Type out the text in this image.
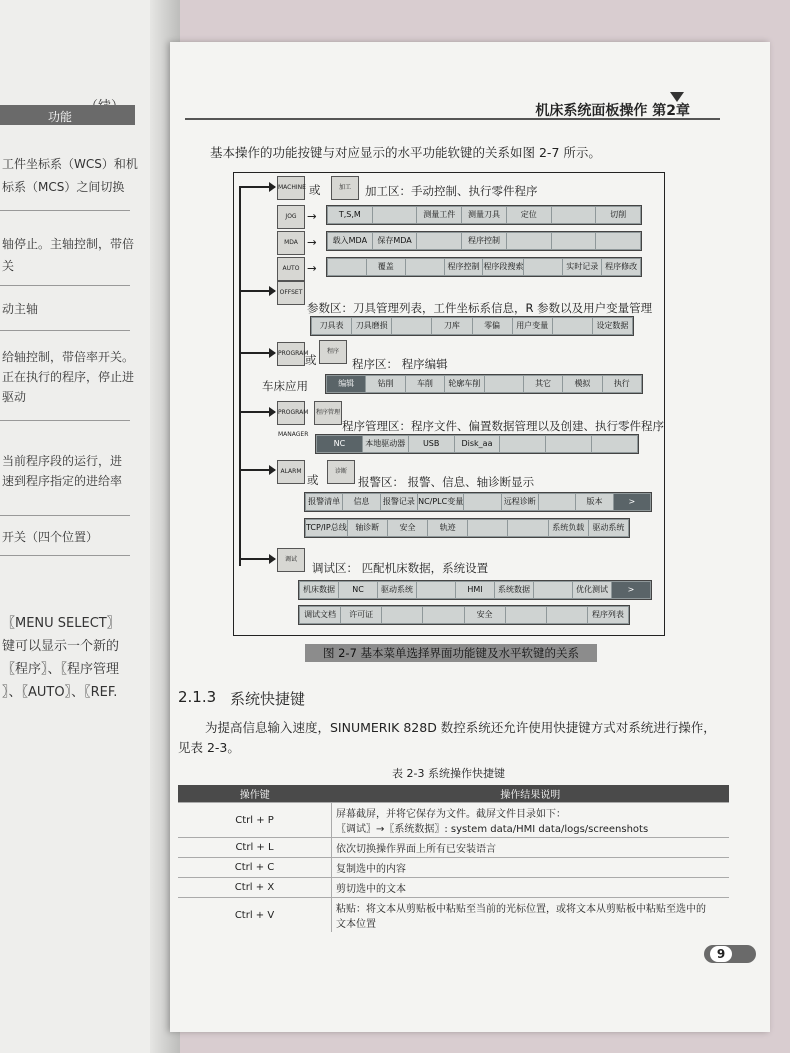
功能
工件坐标系（WCS）和机
标系（MCS）之间切换
轴停止。主轴控制，带倍
关
动主轴
给轴控制，带倍率开关。
正在执行的程序，停止进
驱动
当前程序段的运行，进
速到程序指定的进给率
开关（四个位置）
〖MENU SELECT〗
键可以显示一个新的
〖程序〗、〖程序管理
〗、〖AUTO〗、〖REF.
机床系统面板操作 第2章
基本操作的功能按键与对应显示的水平功能软键的关系如图 2-7 所示。
MACHINE 或	加工	加工区：手动控制、执行零件程序
JOG
MDA
AUTO
→
→
→
T,S,M	测量工件	测量刀具	定位	切削
载入MDA	保存MDA	程序控制
覆盖	程序控制 程序段搜索	实时记录 程序修改
OFFSET
参数区：刀具管理列表，工件坐标系信息，R 参数以及用户变量管理
刀具表	刀具磨损	刀库	零偏	用户变量	设定数据
PROGRAM
或
程序
程序区： 程序编辑
车床应用	编辑	钻削	车削	轮廓车削	其它	模拟	执行
PROGRAM MANAGER
程序管理
程序管理区：程序文件、偏置数据管理以及创建、执行零件程序
NC	本地驱动器	USB	Disk_aa
ALARM
或
诊断
报警区： 报警、信息、轴诊断显示
报警清单	信息	报警记录 NC/PLC变量	远程诊断	版本	>
TCP/IP总线	轴诊断	安全	轨迹	系统负载	驱动系统
调试
调试区： 匹配机床数据，系统设置
机床数据	NC	驱动系统	HMI	系统数据	优化测试	>
调试文档	许可证	安全	程序列表
图 2-7 基本菜单选择界面功能键及水平软键的关系
2.1.3 系统快捷键
为提高信息输入速度，SINUMERIK 828D 数控系统还允许使用快捷键方式对系统进行操作，
见表 2-3。
表 2-3 系统操作快捷键
操作键	操作结果说明
Ctrl + P	屏幕截屏，并将它保存为文件。截屏文件目录如下：
〖调试〗→〖系统数据〗: system data/HMI data/logs/screenshots

Ctrl + L	依次切换操作界面上所有已安装语言

Ctrl + C	复制选中的内容

Ctrl + X	剪切选中的文本

Ctrl + V	粘贴：将文本从剪贴板中粘贴至当前的光标位置，或将文本从剪贴板中粘贴至选中的
文本位置
9
